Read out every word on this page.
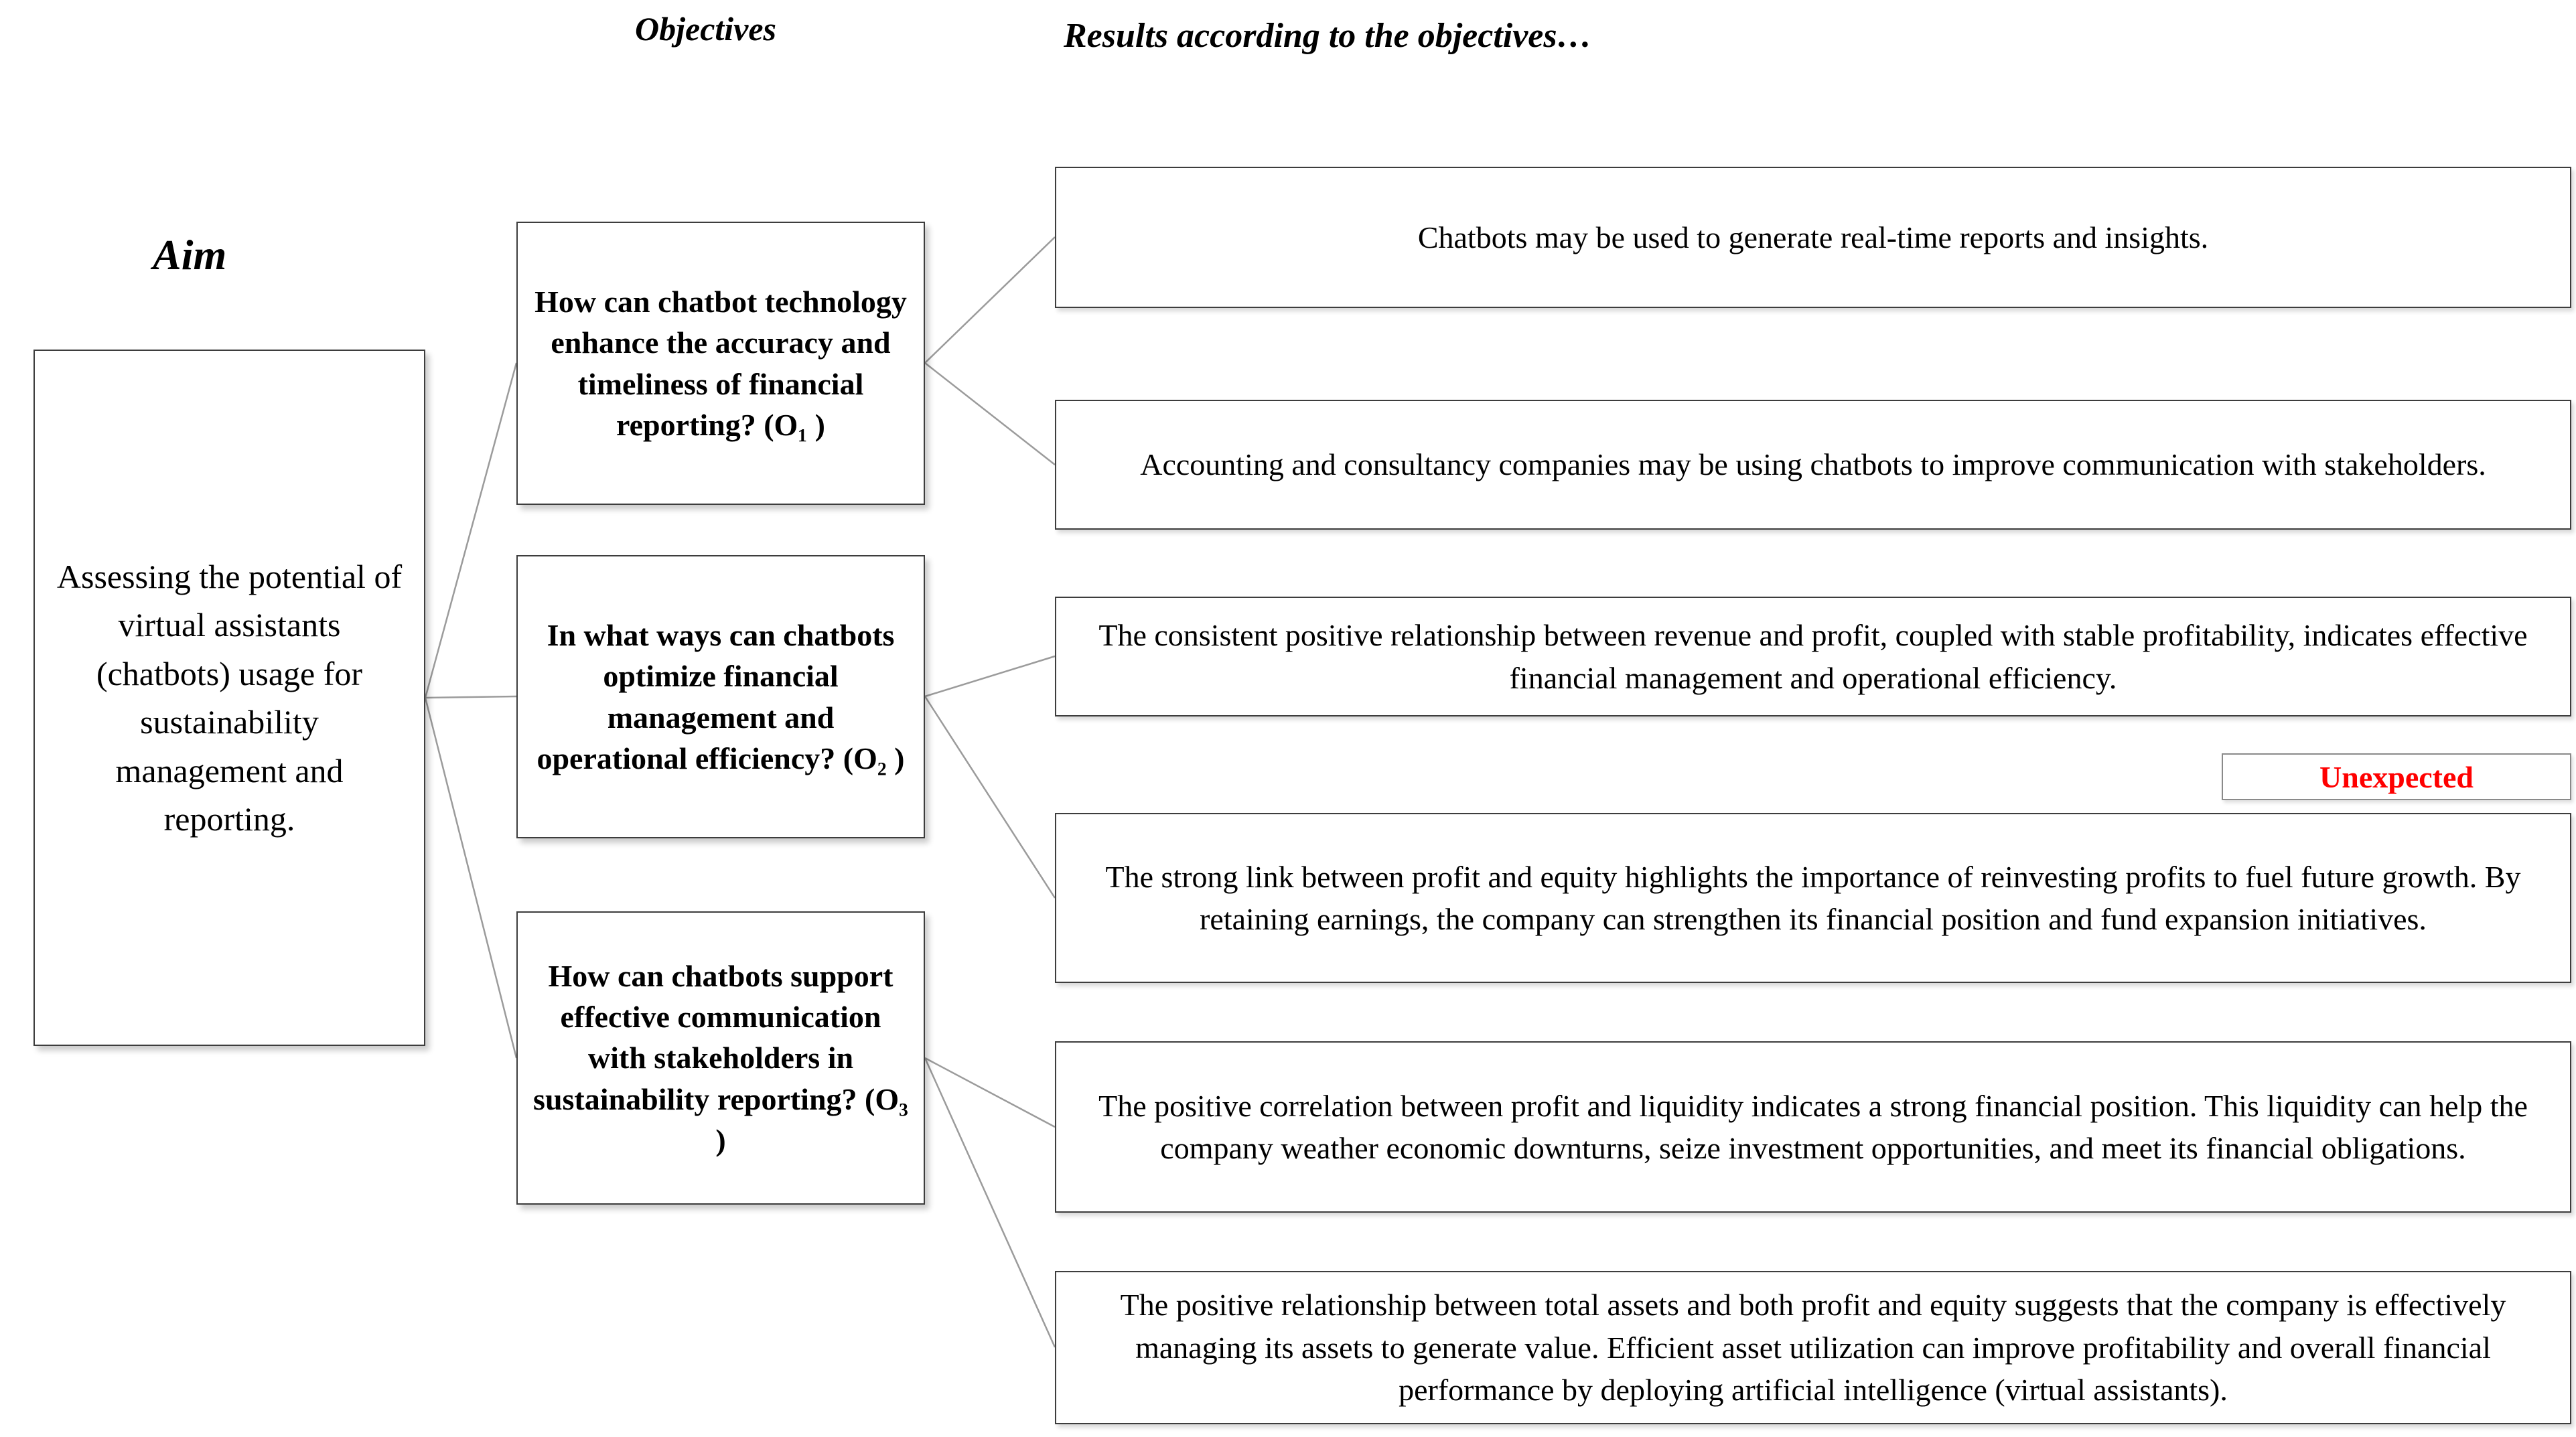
Objectives	Results according to the objectives…
Aim
Assessing the potential of virtual assistants (chatbots) usage for sustainability management and reporting.
How can chatbot technology enhance the accuracy and timeliness of financial reporting? (O₁ )
In what ways can chatbots optimize financial management and operational efficiency? (O₂ )
How can chatbots support effective communication with stakeholders in sustainability reporting? (O₃ )
Chatbots may be used to generate real-time reports and insights.
Accounting and consultancy companies may be using chatbots to improve communication with stakeholders.
The consistent positive relationship between revenue and profit, coupled with stable profitability, indicates effective financial management and operational efficiency.
Unexpected
The strong link between profit and equity highlights the importance of reinvesting profits to fuel future growth. By retaining earnings, the company can strengthen its financial position and fund expansion initiatives.
The positive correlation between profit and liquidity indicates a strong financial position. This liquidity can help the company weather economic downturns, seize investment opportunities, and meet its financial obligations.
The positive relationship between total assets and both profit and equity suggests that the company is effectively managing its assets to generate value. Efficient asset utilization can improve profitability and overall financial performance by deploying artificial intelligence (virtual assistants).
